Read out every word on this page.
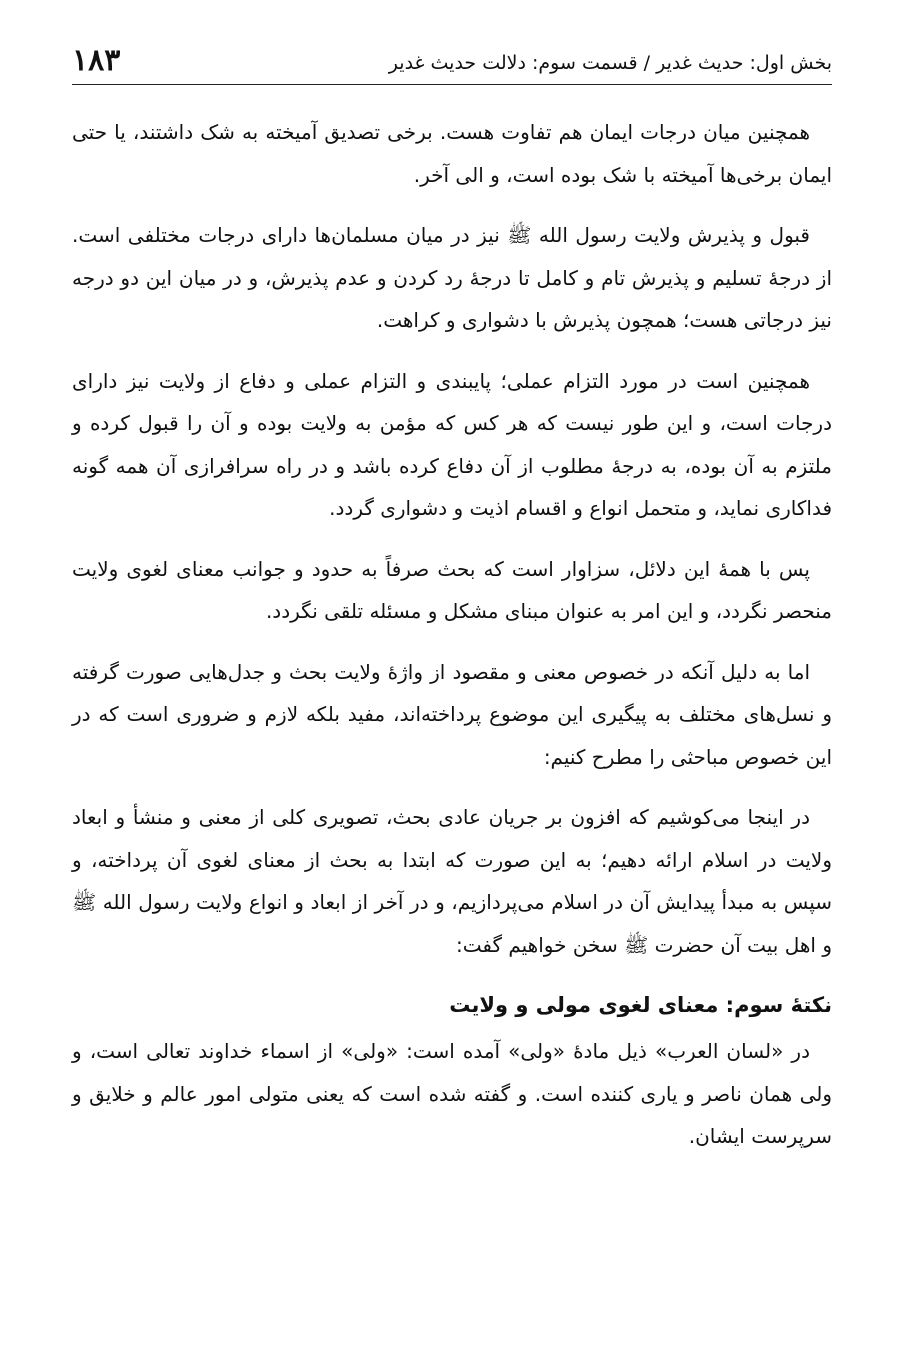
بخش اول: حدیث غدیر / قسمت سوم: دلالت حدیث غدیر
۱۸۳

همچنین میان درجات ایمان هم تفاوت هست. برخی تصدیق آمیخته به شک داشتند، یا حتی ایمان برخی‌ها آمیخته با شک بوده است، و الی آخر.

قبول و پذیرش ولایت رسول الله ﷺ نیز در میان مسلمان‌ها دارای درجات مختلفی است. از درجهٔ تسلیم و پذیرش تام و کامل تا درجهٔ رد کردن و عدم پذیرش، و در میان این دو درجه نیز درجاتی هست؛ همچون پذیرش با دشواری و کراهت.

همچنین است در مورد التزام عملی؛ پایبندی و التزام عملی و دفاع از ولایت نیز دارای درجات است، و این طور نیست که هر کس که مؤمن به ولایت بوده و آن را قبول کرده و ملتزم به آن بوده، به درجهٔ مطلوب از آن دفاع کرده باشد و در راه سرافرازی آن همه گونه فداکاری نماید، و متحمل انواع و اقسام اذیت و دشواری گردد.

پس با همهٔ این دلائل، سزاوار است که بحث صرفاً به حدود و جوانب معنای لغوی ولایت منحصر نگردد، و این امر به عنوان مبنای مشکل و مسئله تلقی نگردد.

اما به دلیل آنکه در خصوص معنی و مقصود از واژهٔ ولایت بحث و جدل‌هایی صورت گرفته و نسل‌های مختلف به پیگیری این موضوع پرداخته‌اند، مفید بلکه لازم و ضروری است که در این خصوص مباحثی را مطرح کنیم:

در اینجا می‌کوشیم که افزون بر جریان عادی بحث، تصویری کلی از معنی و منشأ و ابعاد ولایت در اسلام ارائه دهیم؛ به این صورت که ابتدا به بحث از معنای لغوی آن پرداخته، و سپس به مبدأ پیدایش آن در اسلام می‌پردازیم، و در آخر از ابعاد و انواع ولایت رسول الله ﷺ و اهل بیت آن حضرت ﷺ سخن خواهیم گفت:

نکتهٔ سوم: معنای لغوی مولی و ولایت

در «لسان العرب» ذیل مادهٔ «ولی» آمده است: «ولی» از اسماء خداوند تعالی است، و ولی همان ناصر و یاری کننده است. و گفته شده است که یعنی متولی امور عالم و خلایق و سرپرست ایشان.
